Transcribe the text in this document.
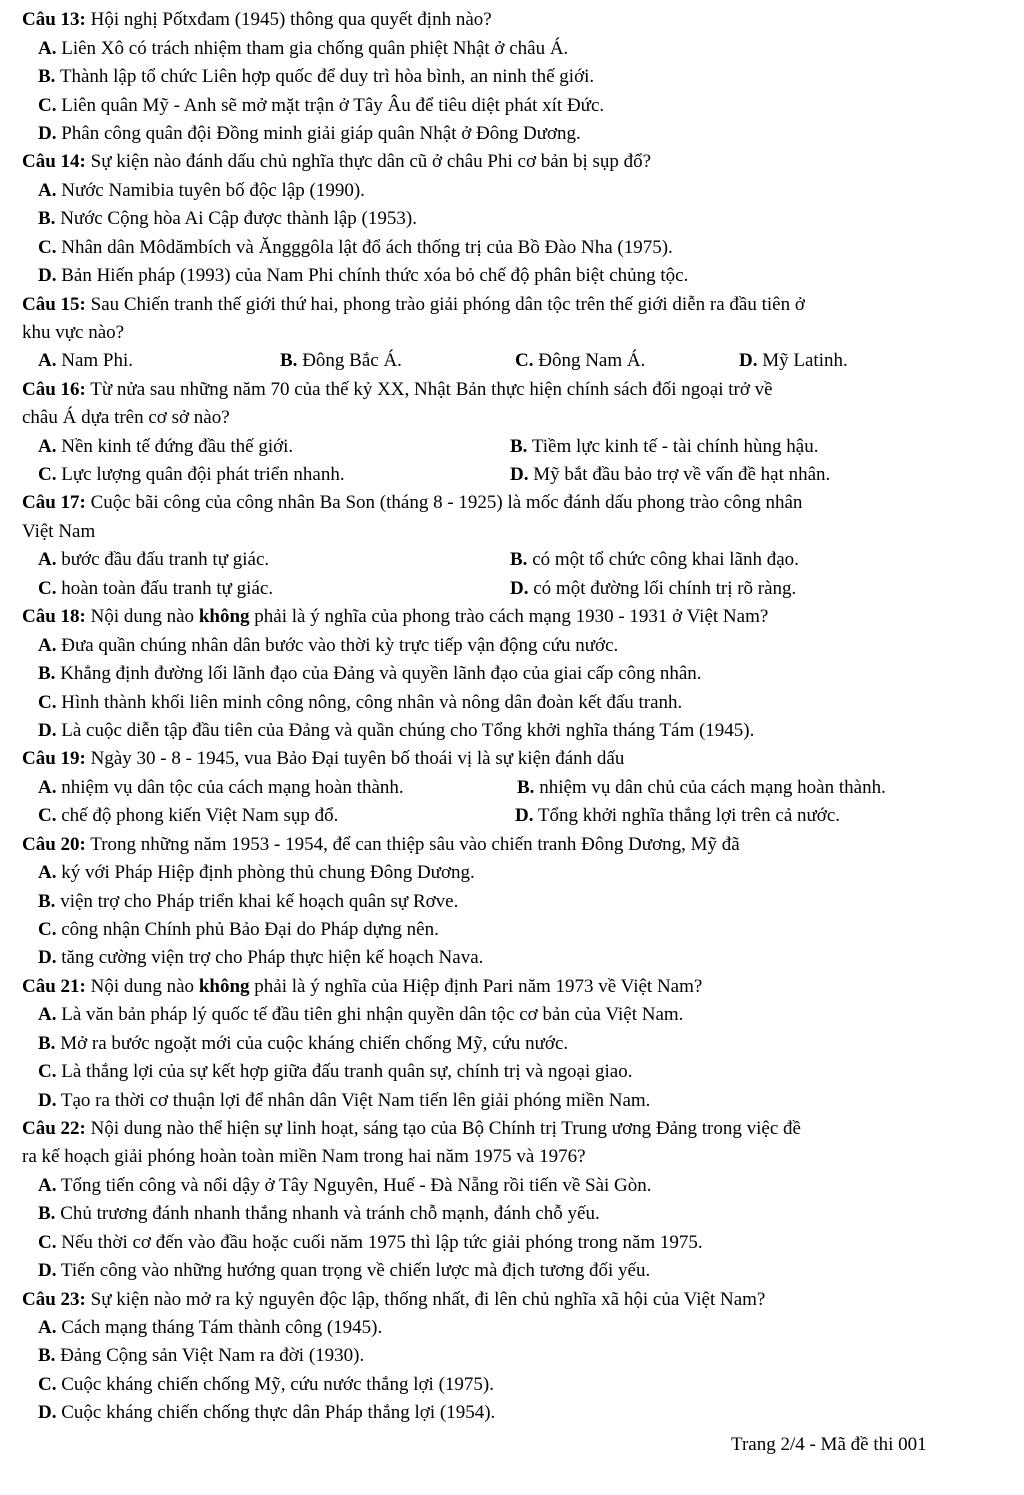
Câu 13: Hội nghị Pốtxđam (1945) thông qua quyết định nào?
A. Liên Xô có trách nhiệm tham gia chống quân phiệt Nhật ở châu Á.
B. Thành lập tổ chức Liên hợp quốc để duy trì hòa bình, an ninh thế giới.
C. Liên quân Mỹ - Anh sẽ mở mặt trận ở Tây Âu để tiêu diệt phát xít Đức.
D. Phân công quân đội Đồng minh giải giáp quân Nhật ở Đông Dương.
Câu 14: Sự kiện nào đánh dấu chủ nghĩa thực dân cũ ở châu Phi cơ bản bị sụp đổ?
A. Nước Namibia tuyên bố độc lập (1990).
B. Nước Cộng hòa Ai Cập được thành lập (1953).
C. Nhân dân Môdămbích và Ăngggôla lật đổ ách thống trị của Bồ Đào Nha (1975).
D. Bản Hiến pháp (1993) của Nam Phi chính thức xóa bỏ chế độ phân biệt chủng tộc.
Câu 15: Sau Chiến tranh thế giới thứ hai, phong trào giải phóng dân tộc trên thế giới diễn ra đầu tiên ở
khu vực nào?
A. Nam Phi.	B. Đông Bắc Á.	C. Đông Nam Á.	D. Mỹ Latinh.
Câu 16: Từ nửa sau những năm 70 của thế kỷ XX, Nhật Bản thực hiện chính sách đối ngoại trở về
châu Á dựa trên cơ sở nào?
A. Nền kinh tế đứng đầu thế giới.	B. Tiềm lực kinh tế - tài chính hùng hậu.
C. Lực lượng quân đội phát triển nhanh.	D. Mỹ bắt đầu bảo trợ về vấn đề hạt nhân.
Câu 17: Cuộc bãi công của công nhân Ba Son (tháng 8 - 1925) là mốc đánh dấu phong trào công nhân
Việt Nam
A. bước đầu đấu tranh tự giác.	B. có một tổ chức công khai lãnh đạo.
C. hoàn toàn đấu tranh tự giác.	D. có một đường lối chính trị rõ ràng.
Câu 18: Nội dung nào không phải là ý nghĩa của phong trào cách mạng 1930 - 1931 ở Việt Nam?
A. Đưa quần chúng nhân dân bước vào thời kỳ trực tiếp vận động cứu nước.
B. Khẳng định đường lối lãnh đạo của Đảng và quyền lãnh đạo của giai cấp công nhân.
C. Hình thành khối liên minh công nông, công nhân và nông dân đoàn kết đấu tranh.
D. Là cuộc diễn tập đầu tiên của Đảng và quần chúng cho Tổng khởi nghĩa tháng Tám (1945).
Câu 19: Ngày 30 - 8 - 1945, vua Bảo Đại tuyên bố thoái vị là sự kiện đánh dấu
A. nhiệm vụ dân tộc của cách mạng hoàn thành.	B. nhiệm vụ dân chủ của cách mạng hoàn thành.
C. chế độ phong kiến Việt Nam sụp đổ.	D. Tổng khởi nghĩa thắng lợi trên cả nước.
Câu 20: Trong những năm 1953 - 1954, để can thiệp sâu vào chiến tranh Đông Dương, Mỹ đã
A. ký với Pháp Hiệp định phòng thủ chung Đông Dương.
B. viện trợ cho Pháp triển khai kế hoạch quân sự Rơve.
C. công nhận Chính phủ Bảo Đại do Pháp dựng nên.
D. tăng cường viện trợ cho Pháp thực hiện kế hoạch Nava.
Câu 21: Nội dung nào không phải là ý nghĩa của Hiệp định Pari năm 1973 về Việt Nam?
A. Là văn bản pháp lý quốc tế đầu tiên ghi nhận quyền dân tộc cơ bản của Việt Nam.
B. Mở ra bước ngoặt mới của cuộc kháng chiến chống Mỹ, cứu nước.
C. Là thắng lợi của sự kết hợp giữa đấu tranh quân sự, chính trị và ngoại giao.
D. Tạo ra thời cơ thuận lợi để nhân dân Việt Nam tiến lên giải phóng miền Nam.
Câu 22: Nội dung nào thể hiện sự linh hoạt, sáng tạo của Bộ Chính trị Trung ương Đảng trong việc đề
ra kế hoạch giải phóng hoàn toàn miền Nam trong hai năm 1975 và 1976?
A. Tổng tiến công và nổi dậy ở Tây Nguyên, Huế - Đà Nẵng rồi tiến về Sài Gòn.
B. Chủ trương đánh nhanh thắng nhanh và tránh chỗ mạnh, đánh chỗ yếu.
C. Nếu thời cơ đến vào đầu hoặc cuối năm 1975 thì lập tức giải phóng trong năm 1975.
D. Tiến công vào những hướng quan trọng về chiến lược mà địch tương đối yếu.
Câu 23: Sự kiện nào mở ra kỷ nguyên độc lập, thống nhất, đi lên chủ nghĩa xã hội của Việt Nam?
A. Cách mạng tháng Tám thành công (1945).
B. Đảng Cộng sản Việt Nam ra đời (1930).
C. Cuộc kháng chiến chống Mỹ, cứu nước thắng lợi (1975).
D. Cuộc kháng chiến chống thực dân Pháp thắng lợi (1954).
Trang 2/4 - Mã đề thi 001
